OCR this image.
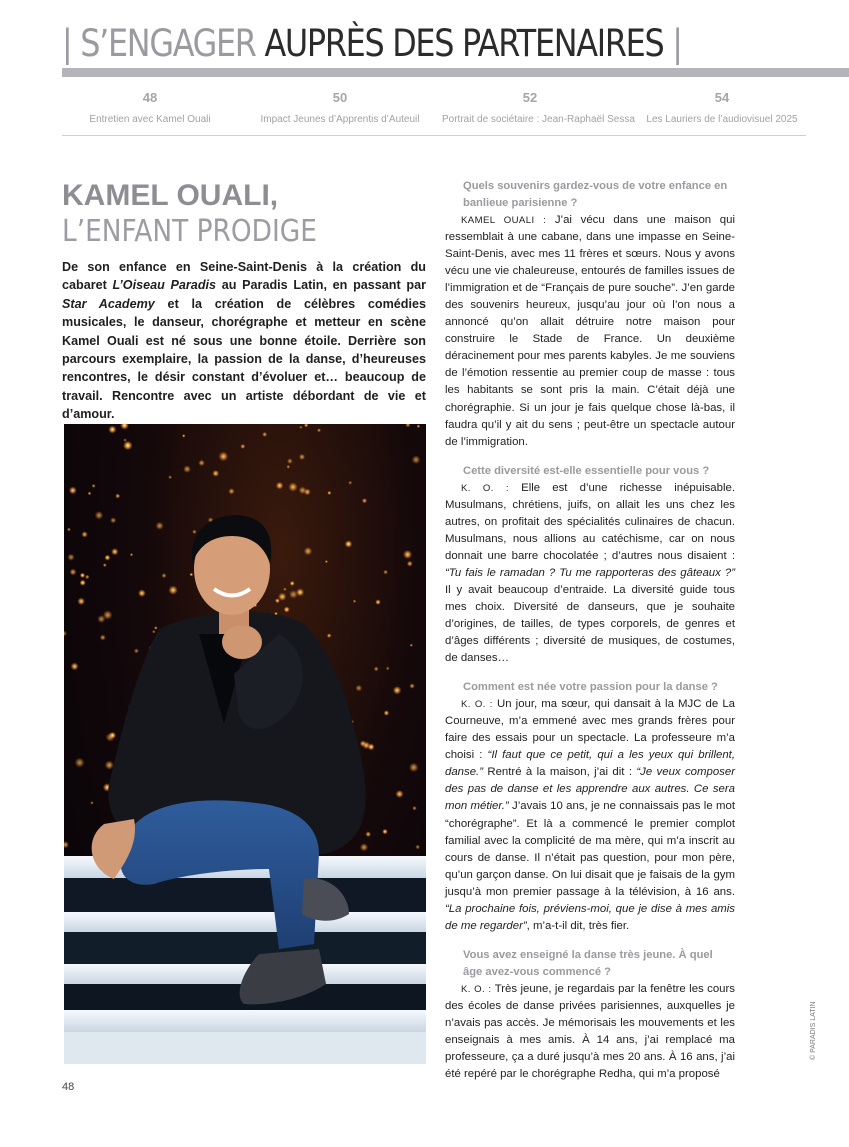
| S’ENGAGER AUPRÈS DES PARTENAIRES |
48
Entretien avec Kamel Ouali
50
Impact Jeunes d’Apprentis d’Auteuil
52
Portrait de sociétaire : Jean-Raphaël Sessa
54
Les Lauriers de l’audiovisuel 2025
KAMEL OUALI,
L’ENFANT PRODIGE

De son enfance en Seine-Saint-Denis à la création du cabaret L’Oiseau Paradis au Paradis Latin, en passant par Star Academy et la création de célèbres comédies musicales, le danseur, chorégraphe et metteur en scène Kamel Ouali est né sous une bonne étoile. Derrière son parcours exemplaire, la passion de la danse, d’heureuses rencontres, le désir constant d’évoluer et… beaucoup de travail. Rencontre avec un artiste débordant de vie et d’amour.

© PARADIS LATIN
48

Quels souvenirs gardez-vous de votre enfance en banlieue parisienne ?

KAMEL OUALI : J’ai vécu dans une maison qui ressemblait à une cabane, dans une impasse en Seine-Saint-Denis, avec mes 11 frères et sœurs. Nous y avons vécu une vie chaleureuse, entourés de familles issues de l’immigration et de “Français de pure souche”. J’en garde des souvenirs heureux, jusqu’au jour où l’on nous a annoncé qu’on allait détruire notre maison pour construire le Stade de France. Un deuxième déracinement pour mes parents kabyles. Je me souviens de l’émotion ressentie au premier coup de masse : tous les habitants se sont pris la main. C’était déjà une chorégraphie. Si un jour je fais quelque chose là-bas, il faudra qu’il y ait du sens ; peut-être un spectacle autour de l’immigration.

Cette diversité est-elle essentielle pour vous ?

K. O. : Elle est d’une richesse inépuisable. Musulmans, chrétiens, juifs, on allait les uns chez les autres, on profitait des spécialités culinaires de chacun. Musulmans, nous allions au catéchisme, car on nous donnait une barre chocolatée ; d’autres nous disaient : “Tu fais le ramadan ? Tu me rapporteras des gâteaux ?” Il y avait beaucoup d’entraide. La diversité guide tous mes choix. Diversité de danseurs, que je souhaite d’origines, de tailles, de types corporels, de genres et d’âges différents ; diversité de musiques, de costumes, de danses…

Comment est née votre passion pour la danse ?

K. O. : Un jour, ma sœur, qui dansait à la MJC de La Courneuve, m’a emmené avec mes grands frères pour faire des essais pour un spectacle. La professeure m’a choisi : “Il faut que ce petit, qui a les yeux qui brillent, danse.” Rentré à la maison, j’ai dit : “Je veux composer des pas de danse et les apprendre aux autres. Ce sera mon métier.” J’avais 10 ans, je ne connaissais pas le mot “chorégraphe”. Et là a commencé le premier complot familial avec la complicité de ma mère, qui m’a inscrit au cours de danse. Il n’était pas question, pour mon père, qu’un garçon danse. On lui disait que je faisais de la gym jusqu’à mon premier passage à la télévision, à 16 ans. “La prochaine fois, préviens-moi, que je dise à mes amis de me regarder”, m’a-t-il dit, très fier.

Vous avez enseigné la danse très jeune. À quel âge avez-vous commencé ?

K. O. : Très jeune, je regardais par la fenêtre les cours des écoles de danse privées parisiennes, auxquelles je n’avais pas accès. Je mémorisais les mouvements et les enseignais à mes amis. À 14 ans, j’ai remplacé ma professeure, ça a duré jusqu’à mes 20 ans. À 16 ans, j’ai été repéré par le chorégraphe Redha, qui m’a proposé
